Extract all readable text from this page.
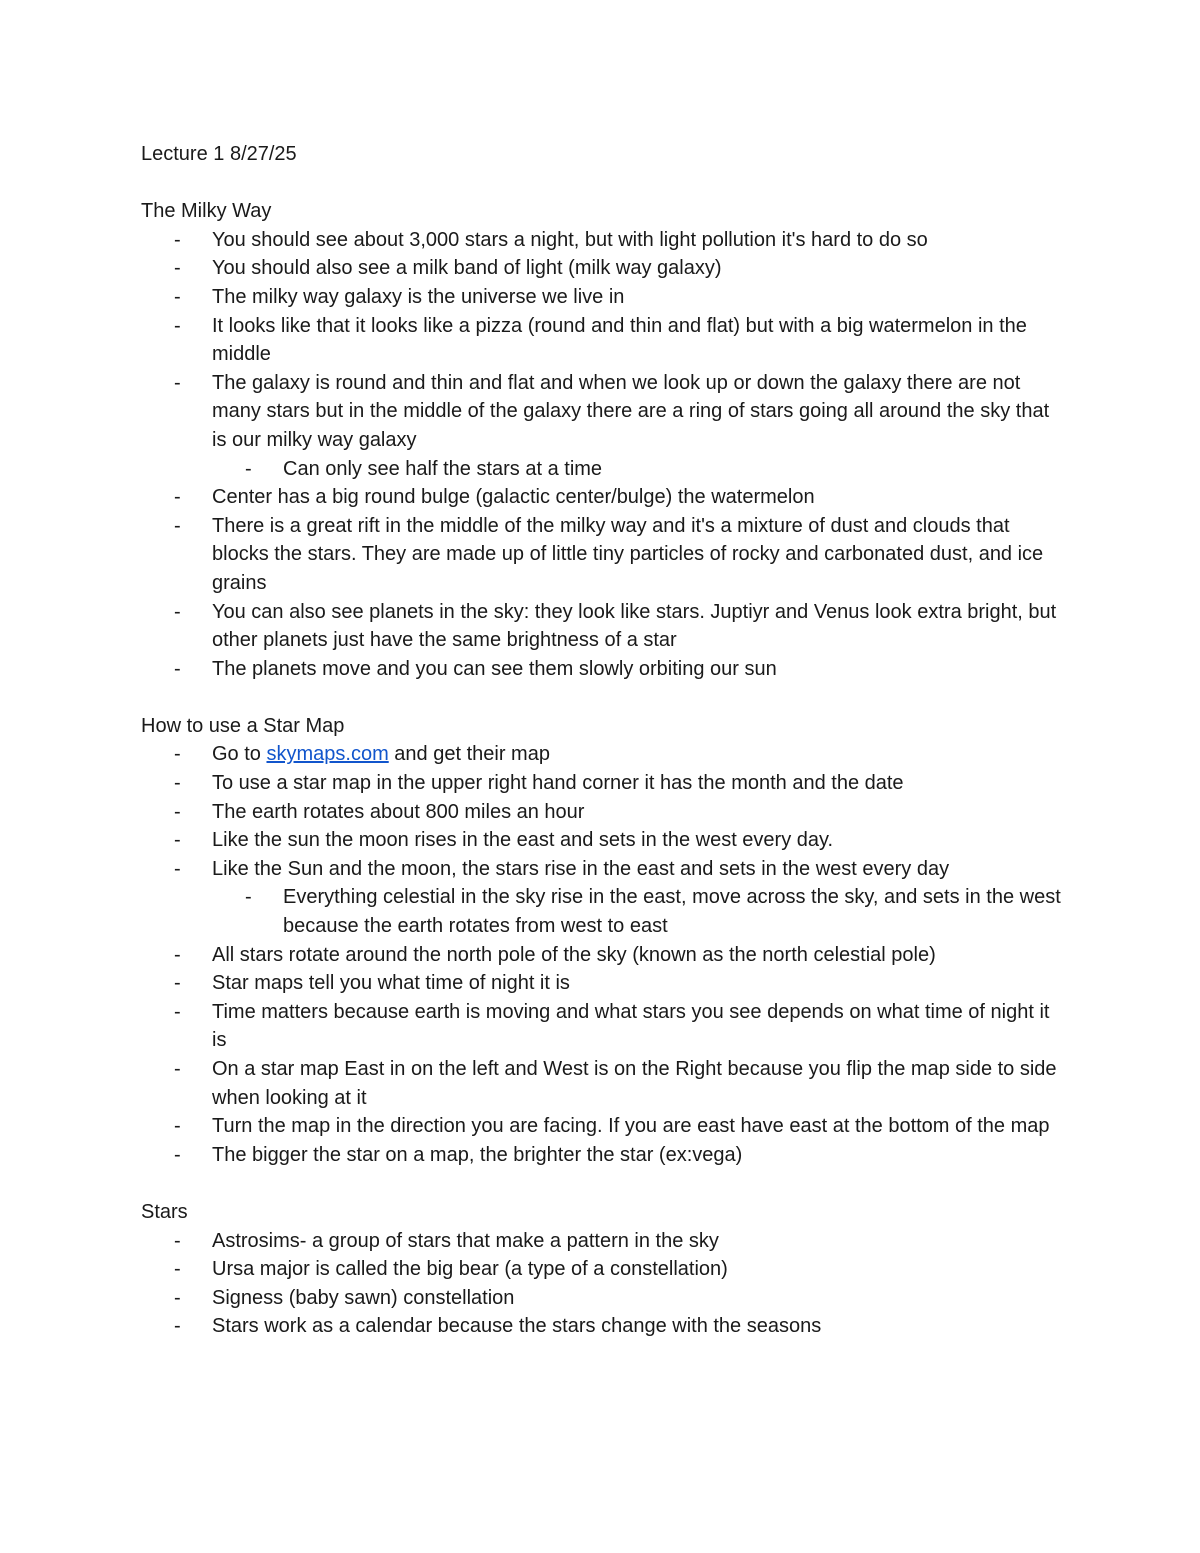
Lecture 1 8/27/25
The Milky Way
- You should see about 3,000 stars a night, but with light pollution it's hard to do so
- You should also see a milk band of light (milk way galaxy)
- The milky way galaxy is the universe we live in
- It looks like that it looks like a pizza (round and thin and flat) but with a big watermelon in the middle
- The galaxy is round and thin and flat and when we look up or down the galaxy there are not many stars but in the middle of the galaxy there are a ring of stars going all around the sky that is our milky way galaxy
- Can only see half the stars at a time
- Center has a big round bulge (galactic center/bulge) the watermelon
- There is a great rift in the middle of the milky way and it's a mixture of dust and clouds that blocks the stars. They are made up of little tiny particles of rocky and carbonated dust, and ice grains
- You can also see planets in the sky: they look like stars. Juptiyr and Venus look extra bright, but other planets just have the same brightness of a star
- The planets move and you can see them slowly orbiting our sun
How to use a Star Map
- Go to skymaps.com and get their map
- To use a star map in the upper right hand corner it has the month and the date
- The earth rotates about 800 miles an hour
- Like the sun the moon rises in the east and sets in the west every day.
- Like the Sun and the moon, the stars rise in the east and sets in the west every day
- Everything celestial in the sky rise in the east, move across the sky, and sets in the west because the earth rotates from west to east
- All stars rotate around the north pole of the sky (known as the north celestial pole)
- Star maps tell you what time of night it is
- Time matters because earth is moving and what stars you see depends on what time of night it is
- On a star map East in on the left and West is on the Right because you flip the map side to side when looking at it
- Turn the map in the direction you are facing. If you are east have east at the bottom of the map
- The bigger the star on a map, the brighter the star (ex:vega)
Stars
- Astrosims- a group of stars that make a pattern in the sky
- Ursa major is called the big bear (a type of a constellation)
- Signess (baby sawn) constellation
- Stars work as a calendar because the stars change with the seasons
